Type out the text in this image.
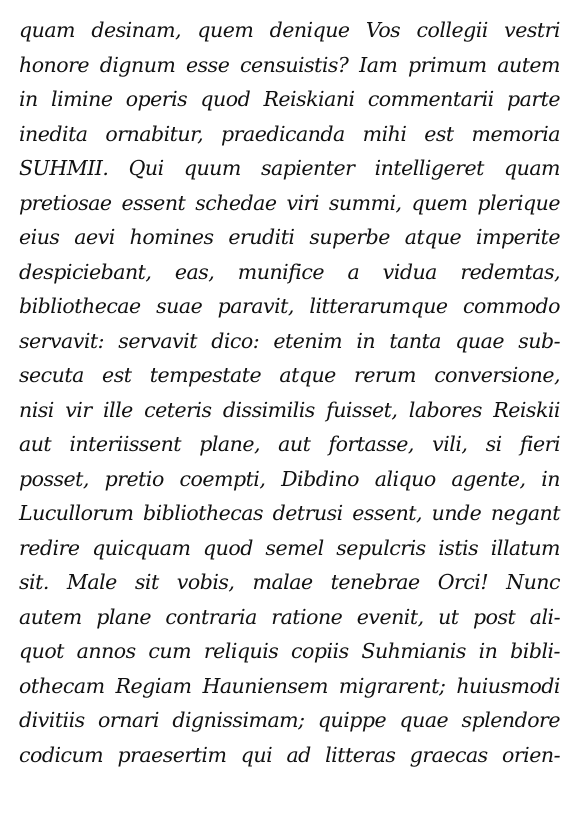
quam desinam, quem denique Vos collegii vestri
honore dignum esse censuistis? Iam primum autem
in limine operis quod Reiskiani commentarii parte
inedita ornabitur, praedicanda mihi est memoria
SUHMII. Qui quum sapienter intelligeret quam
pretiosae essent schedae viri summi, quem plerique
eius aevi homines eruditi superbe atque imperite
despiciebant, eas, munifice a vidua redemtas,
bibliothecae suae paravit, litterarumque commodo
servavit: servavit dico: etenim in tanta quae sub-
secuta est tempestate atque rerum conversione,
nisi vir ille ceteris dissimilis fuisset, labores Reiskii
aut interiissent plane, aut fortasse, vili, si fieri
posset, pretio coempti, Dibdino aliquo agente, in
Lucullorum bibliothecas detrusi essent, unde negant
redire quicquam quod semel sepulcris istis illatum
sit. Male sit vobis, malae tenebrae Orci! Nunc
autem plane contraria ratione evenit, ut post ali-
quot annos cum reliquis copiis Suhmianis in bibli-
othecam Regiam Hauniensem migrarent; huiusmodi
divitiis ornari dignissimam; quippe quae splendore
codicum praesertim qui ad litteras graecas orien-
